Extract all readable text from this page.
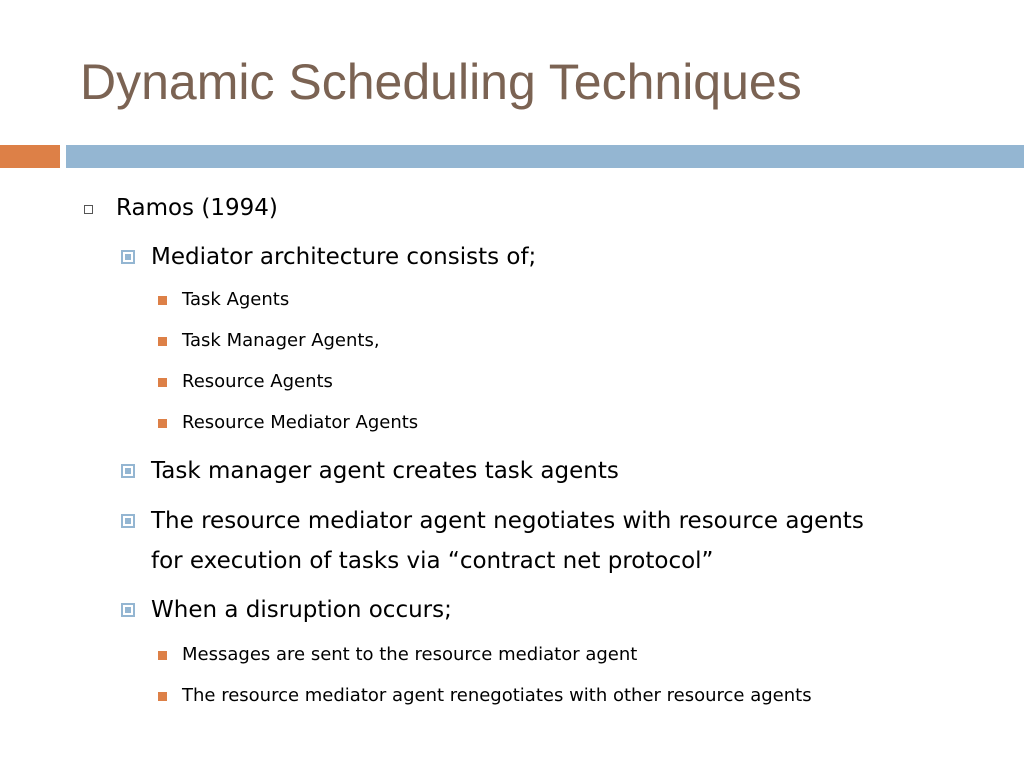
Dynamic Scheduling Techniques

Ramos (1994)

Mediator architecture consists of;

Task Agents

Task Manager Agents,

Resource Agents

Resource Mediator Agents

Task manager agent creates task agents

The resource mediator agent negotiates with resource agents

for execution of tasks via “contract net protocol”

When a disruption occurs;

Messages are sent to the resource mediator agent

The resource mediator agent renegotiates with other resource agents
